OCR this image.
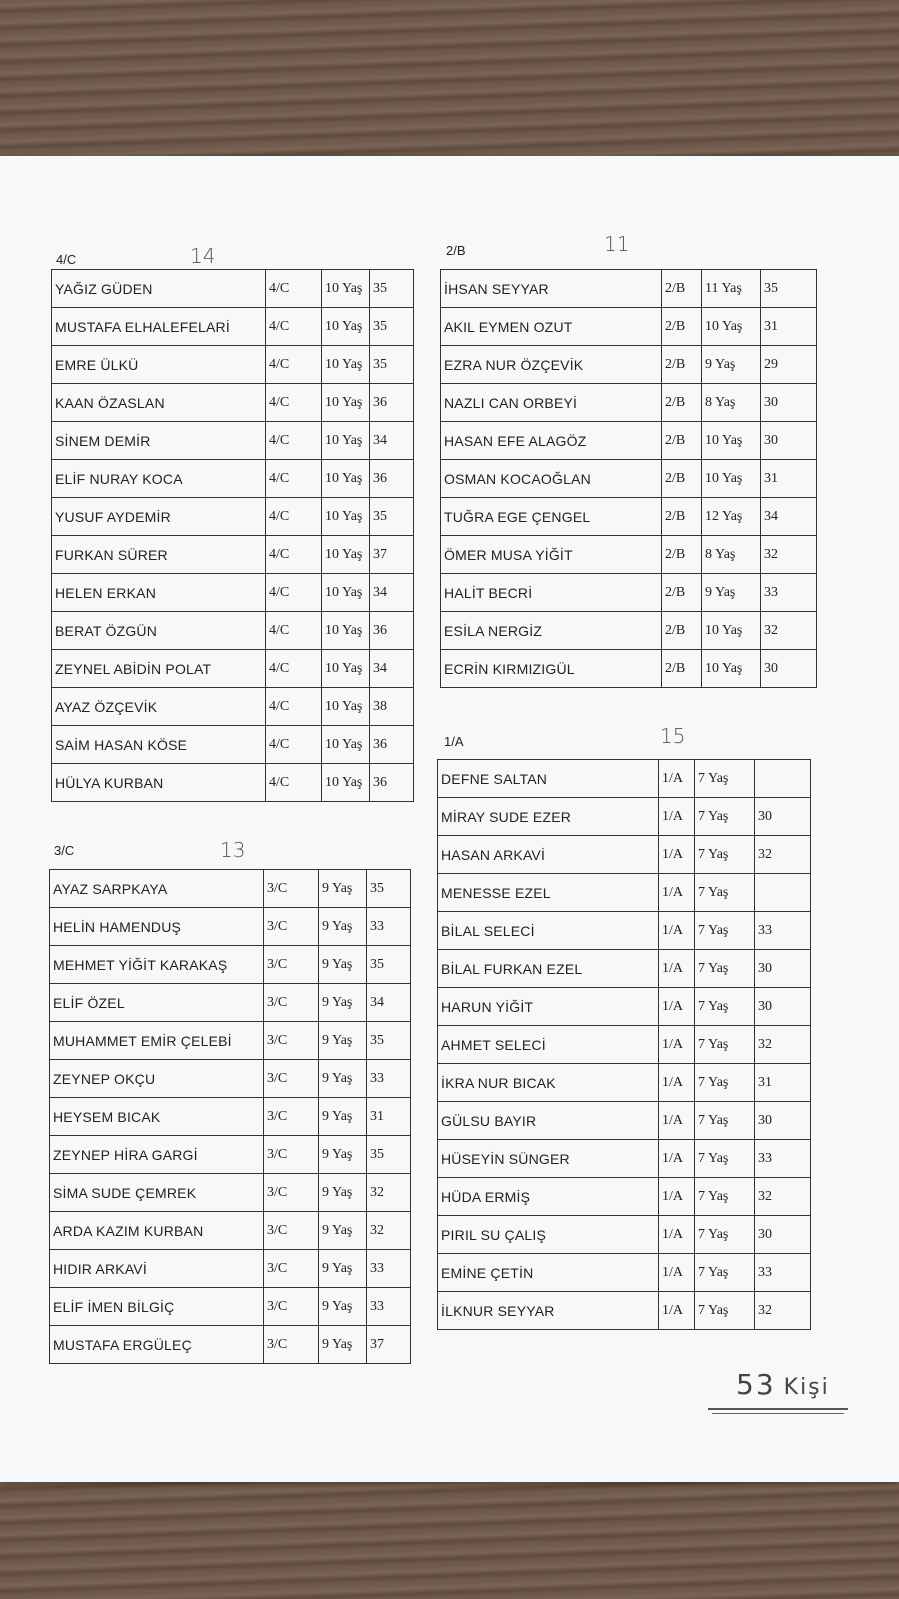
4/C	14
YAĞIZ GÜDEN	4/C	10 Yaş	35
MUSTAFA ELHALEFELARİ	4/C	10 Yaş	35
EMRE ÜLKÜ	4/C	10 Yaş	35
KAAN ÖZASLAN	4/C	10 Yaş	36
SİNEM DEMİR	4/C	10 Yaş	34
ELİF NURAY KOCA	4/C	10 Yaş	36
YUSUF AYDEMİR	4/C	10 Yaş	35
FURKAN SÜRER	4/C	10 Yaş	37
HELEN ERKAN	4/C	10 Yaş	34
BERAT ÖZGÜN	4/C	10 Yaş	36
ZEYNEL ABİDİN POLAT	4/C	10 Yaş	34
AYAZ ÖZÇEVİK	4/C	10 Yaş	38
SAİM HASAN KÖSE	4/C	10 Yaş	36
HÜLYA KURBAN	4/C	10 Yaş	36
3/C	13
AYAZ SARPKAYA	3/C	9 Yaş	35
HELİN HAMENDUŞ	3/C	9 Yaş	33
MEHMET YİĞİT KARAKAŞ	3/C	9 Yaş	35
ELİF ÖZEL	3/C	9 Yaş	34
MUHAMMET EMİR ÇELEBİ	3/C	9 Yaş	35
ZEYNEP OKÇU	3/C	9 Yaş	33
HEYSEM BICAK	3/C	9 Yaş	31
ZEYNEP HİRA GARGİ	3/C	9 Yaş	35
SİMA SUDE ÇEMREK	3/C	9 Yaş	32
ARDA KAZIM KURBAN	3/C	9 Yaş	32
HIDIR ARKAVİ	3/C	9 Yaş	33
ELİF İMEN BİLGİÇ	3/C	9 Yaş	33
MUSTAFA ERGÜLEÇ	3/C	9 Yaş	37
2/B	11
İHSAN SEYYAR	2/B	11 Yaş	35
AKIL EYMEN OZUT	2/B	10 Yaş	31
EZRA NUR ÖZÇEVİK	2/B	9 Yaş	29
NAZLI CAN ORBEYİ	2/B	8 Yaş	30
HASAN EFE ALAGÖZ	2/B	10 Yaş	30
OSMAN KOCAOĞLAN	2/B	10 Yaş	31
TUĞRA EGE ÇENGEL	2/B	12 Yaş	34
ÖMER MUSA YİĞİT	2/B	8 Yaş	32
HALİT BECRİ	2/B	9 Yaş	33
ESİLA NERGİZ	2/B	10 Yaş	32
ECRİN KIRMIZIGÜL	2/B	10 Yaş	30
1/A	15
DEFNE SALTAN	1/A	7 Yaş	
MİRAY SUDE EZER	1/A	7 Yaş	30
HASAN ARKAVİ	1/A	7 Yaş	32
MENESSE EZEL	1/A	7 Yaş	
BİLAL SELECİ	1/A	7 Yaş	33
BİLAL FURKAN EZEL	1/A	7 Yaş	30
HARUN YİĞİT	1/A	7 Yaş	30
AHMET SELECİ	1/A	7 Yaş	32
İKRA NUR BICAK	1/A	7 Yaş	31
GÜLSU BAYIR	1/A	7 Yaş	30
HÜSEYİN SÜNGER	1/A	7 Yaş	33
HÜDA ERMİŞ	1/A	7 Yaş	32
PIRIL SU ÇALIŞ	1/A	7 Yaş	30
EMİNE ÇETİN	1/A	7 Yaş	33
İLKNUR SEYYAR	1/A	7 Yaş	32
53 Kişi
